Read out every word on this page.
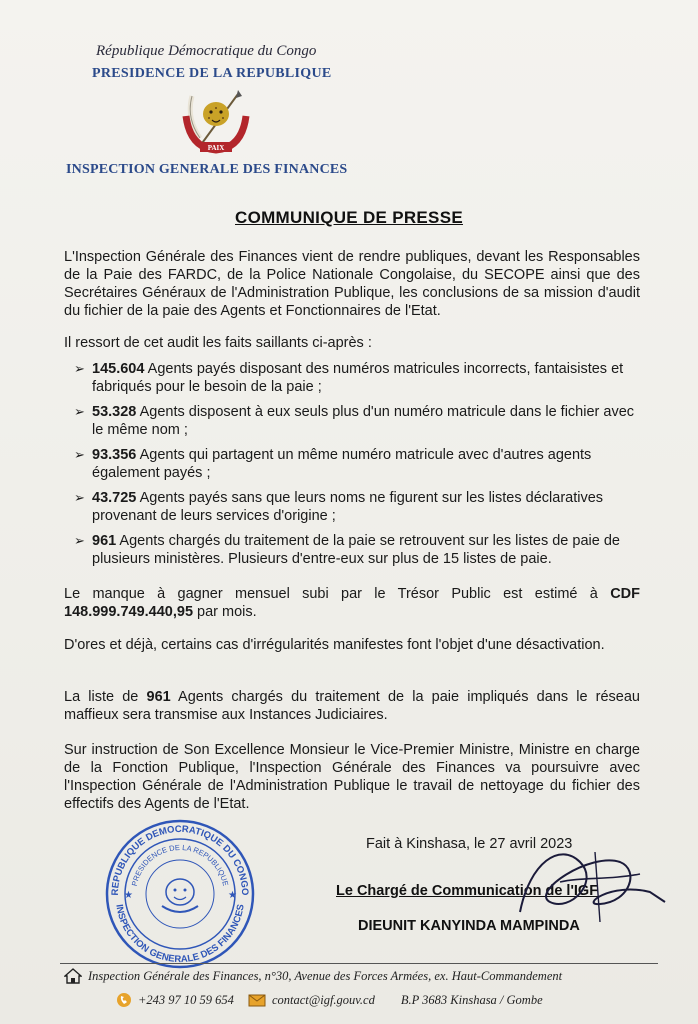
République Démocratique du Congo
PRESIDENCE DE LA REPUBLIQUE
PAIX
INSPECTION GENERALE DES FINANCES
COMMUNIQUE DE PRESSE
L'Inspection Générale des Finances vient de rendre publiques, devant les Responsables de la Paie des FARDC, de la Police Nationale Congolaise, du SECOPE ainsi que des Secrétaires Généraux de l'Administration Publique, les conclusions de sa mission d'audit du fichier de la paie des Agents et Fonctionnaires de l'Etat.
Il ressort de cet audit les faits saillants ci-après :
➢ 145.604 Agents payés disposant des numéros matricules incorrects, fantaisistes et fabriqués pour le besoin de la paie ;
➢ 53.328 Agents disposent à eux seuls plus d'un numéro matricule dans le fichier avec le même nom ;
➢ 93.356 Agents qui partagent un même numéro matricule avec d'autres agents également payés ;
➢ 43.725 Agents payés sans que leurs noms ne figurent sur les listes déclaratives provenant de leurs services d'origine ;
➢ 961 Agents chargés du traitement de la paie se retrouvent sur les listes de paie de plusieurs ministères. Plusieurs d'entre-eux sur plus de 15 listes de paie.
Le manque à gagner mensuel subi par le Trésor Public est estimé à CDF 148.999.749.440,95 par mois.
D'ores et déjà, certains cas d'irrégularités manifestes font l'objet d'une désactivation.
La liste de 961 Agents chargés du traitement de la paie impliqués dans le réseau maffieux sera transmise aux Instances Judiciaires.
Sur instruction de Son Excellence Monsieur le Vice-Premier Ministre, Ministre en charge de la Fonction Publique, l'Inspection Générale des Finances va poursuivre avec l'Inspection Générale de l'Administration Publique le travail de nettoyage du fichier des effectifs des Agents de l'Etat.
REPUBLIQUE DEMOCRATIQUE DU CONGO
PRESIDENCE DE LA REPUBLIQUE
INSPECTION GENERALE DES FINANCES
★	★
Fait à Kinshasa, le 27 avril 2023
Le Chargé de Communication de l'IGF
DIEUNIT KANYINDA MAMPINDA
Inspection Générale des Finances, n°30, Avenue des Forces Armées, ex. Haut-Commandement
+243 97 10 59 654	contact@igf.gouv.cd B.P 3683 Kinshasa / Gombe
